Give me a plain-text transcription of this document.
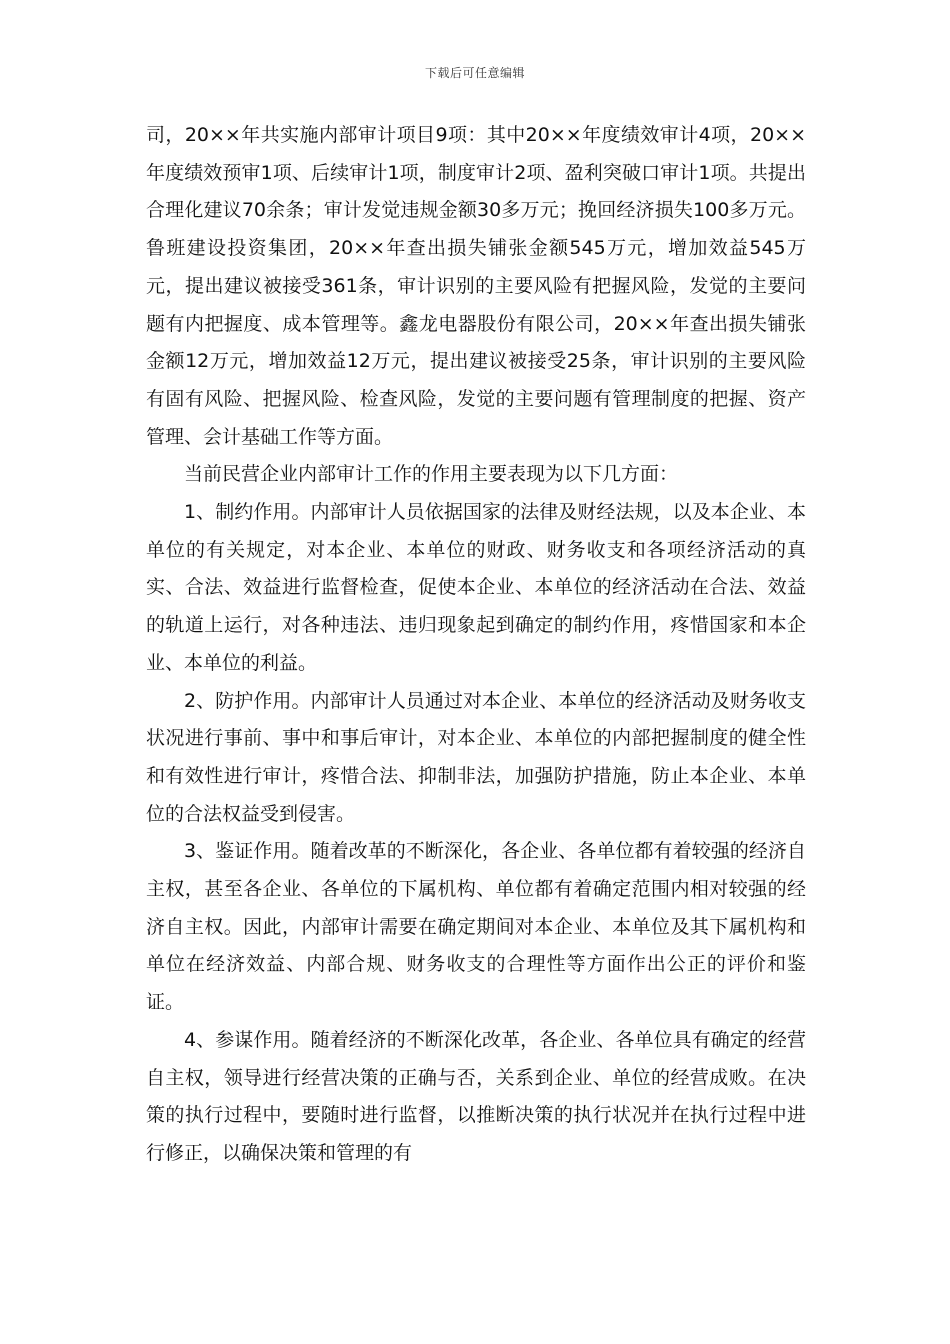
下载后可任意编辑

司，20××年共实施内部审计项目9项：其中20××年度绩效审计4项，20××年度绩效预审1项、后续审计1项，制度审计2项、盈利突破口审计1项。共提出合理化建议70余条；审计发觉违规金额30多万元；挽回经济损失100多万元。鲁班建设投资集团，20××年查出损失铺张金额545万元，增加效益545万元，提出建议被接受361条，审计识别的主要风险有把握风险，发觉的主要问题有内把握度、成本管理等。鑫龙电器股份有限公司，20××年查出损失铺张金额12万元，增加效益12万元，提出建议被接受25条，审计识别的主要风险有固有风险、把握风险、检查风险，发觉的主要问题有管理制度的把握、资产管理、会计基础工作等方面。

当前民营企业内部审计工作的作用主要表现为以下几方面：

1、制约作用。内部审计人员依据国家的法律及财经法规，以及本企业、本单位的有关规定，对本企业、本单位的财政、财务收支和各项经济活动的真实、合法、效益进行监督检查，促使本企业、本单位的经济活动在合法、效益的轨道上运行，对各种违法、违归现象起到确定的制约作用，疼惜国家和本企业、本单位的利益。

2、防护作用。内部审计人员通过对本企业、本单位的经济活动及财务收支状况进行事前、事中和事后审计，对本企业、本单位的内部把握制度的健全性和有效性进行审计，疼惜合法、抑制非法，加强防护措施，防止本企业、本单位的合法权益受到侵害。

3、鉴证作用。随着改革的不断深化，各企业、各单位都有着较强的经济自主权，甚至各企业、各单位的下属机构、单位都有着确定范围内相对较强的经济自主权。因此，内部审计需要在确定期间对本企业、本单位及其下属机构和单位在经济效益、内部合规、财务收支的合理性等方面作出公正的评价和鉴证。

4、参谋作用。随着经济的不断深化改革，各企业、各单位具有确定的经营自主权，领导进行经营决策的正确与否，关系到企业、单位的经营成败。在决策的执行过程中，要随时进行监督，以推断决策的执行状况并在执行过程中进行修正，以确保决策和管理的有
